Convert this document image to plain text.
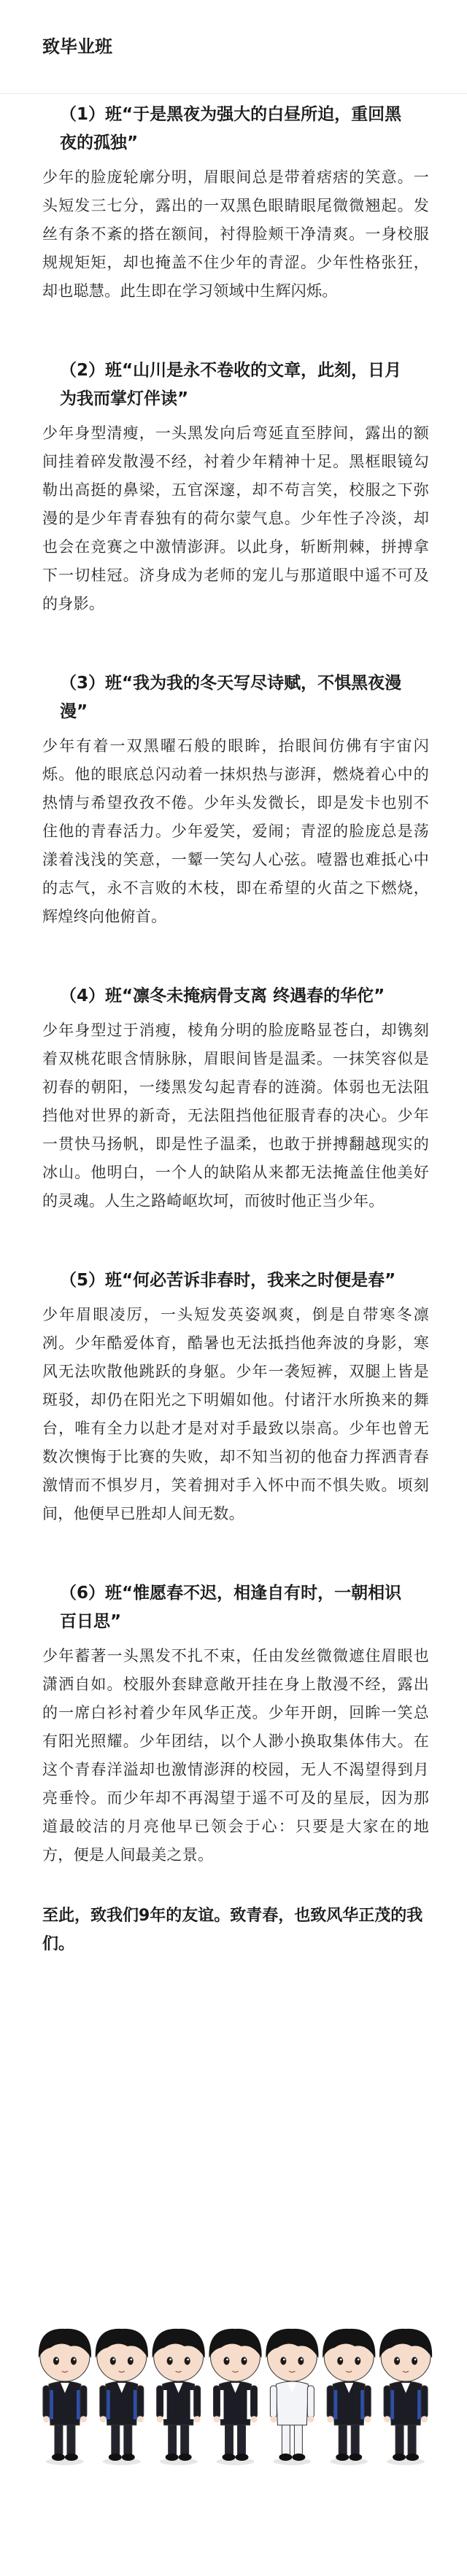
致毕业班
（1）班“于是黑夜为强大的白昼所迫，重回黑夜的孤独”

少年的脸庞轮廓分明，眉眼间总是带着痞痞的笑意。一头短发三七分，露出的一双黑色眼睛眼尾微微翘起。发丝有条不紊的搭在额间，衬得脸颊干净清爽。一身校服规规矩矩，却也掩盖不住少年的青涩。少年性格张狂，却也聪慧。此生即在学习领域中生辉闪烁。

（2）班“山川是永不卷收的文章，此刻，日月为我而掌灯伴读”

少年身型清瘦，一头黑发向后弯延直至脖间，露出的额间挂着碎发散漫不经，衬着少年精神十足。黑框眼镜勾勒出高挺的鼻梁，五官深邃，却不苟言笑，校服之下弥漫的是少年青春独有的荷尔蒙气息。少年性子冷淡，却也会在竞赛之中激情澎湃。以此身，斩断荆棘，拼搏拿下一切桂冠。济身成为老师的宠儿与那道眼中遥不可及的身影。

（3）班“我为我的冬天写尽诗赋，不惧黑夜漫漫”

少年有着一双黑曜石般的眼眸，抬眼间仿佛有宇宙闪烁。他的眼底总闪动着一抹炽热与澎湃，燃烧着心中的热情与希望孜孜不倦。少年头发微长，即是发卡也别不住他的青春活力。少年爱笑，爱闹；青涩的脸庞总是荡漾着浅浅的笑意，一颦一笑勾人心弦。噎嚣也难抵心中的志气，永不言败的木枝，即在希望的火苗之下燃烧，辉煌终向他俯首。

（4）班“凛冬未掩病骨支离 终遇春的华佗”

少年身型过于消瘦，棱角分明的脸庞略显苍白，却镌刻着双桃花眼含情脉脉，眉眼间皆是温柔。一抹笑容似是初春的朝阳，一缕黑发勾起青春的涟漪。体弱也无法阻挡他对世界的新奇，无法阻挡他征服青春的决心。少年一贯快马扬帆，即是性子温柔，也敢于拼搏翻越现实的冰山。他明白，一个人的缺陷从来都无法掩盖住他美好的灵魂。人生之路崎岖坎坷，而彼时他正当少年。

（5）班“何必苦诉非春时，我来之时便是春”

少年眉眼凌厉，一头短发英姿飒爽，倒是自带寒冬凛冽。少年酷爱体育，酷暑也无法抵挡他奔波的身影，寒风无法吹散他跳跃的身躯。少年一袭短裤，双腿上皆是斑驳，却仍在阳光之下明媚如他。付诸汗水所换来的舞台，唯有全力以赴才是对对手最致以崇高。少年也曾无数次懊悔于比赛的失败，却不知当初的他奋力挥洒青春激情而不惧岁月，笑着拥对手入怀中而不惧失败。顷刻间，他便早已胜却人间无数。

（6）班“惟愿春不迟，相逢自有时，一朝相识百日思”

少年蓄著一头黑发不扎不束，任由发丝微微遮住眉眼也潇洒自如。校服外套肆意敞开挂在身上散漫不经，露出的一席白衫衬着少年风华正茂。少年开朗，回眸一笑总有阳光照耀。少年团结，以个人渺小换取集体伟大。在这个青春洋溢却也激情澎湃的校园，无人不渴望得到月亮垂怜。而少年却不再渴望于遥不可及的星辰，因为那道最皎洁的月亮他早已领会于心：只要是大家在的地方，便是人间最美之景。

至此，致我们9年的友谊。致青春，也致风华正茂的我们。
